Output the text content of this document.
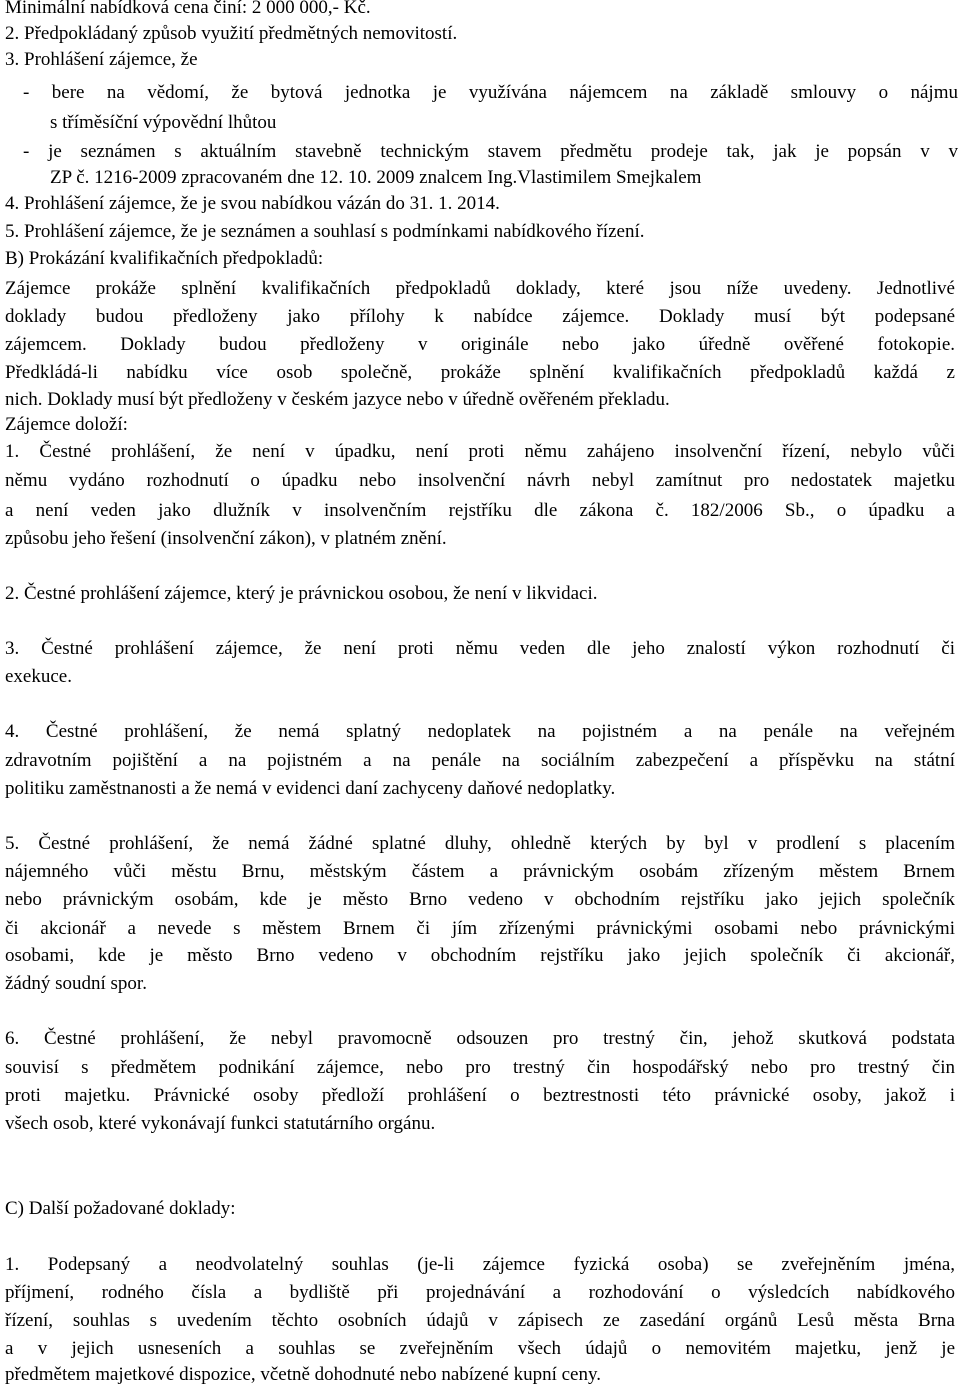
Minimální nabídková cena činí: 2 000 000,- Kč.
2. Předpokládaný způsob využití předmětných nemovitostí.
3. Prohlášení zájemce, že
- bere na vědomí, že bytová jednotka je využívána nájemcem na základě smlouvy o nájmu
s tříměsíční výpovědní lhůtou
- je seznámen s aktuálním stavebně technickým stavem předmětu prodeje tak, jak je popsán v v
ZP č. 1216-2009 zpracovaném dne 12. 10. 2009 znalcem Ing.Vlastimilem Smejkalem
4. Prohlášení zájemce, že je svou nabídkou vázán do 31. 1. 2014.
5. Prohlášení zájemce, že je seznámen a souhlasí s podmínkami nabídkového řízení.
B) Prokázání kvalifikačních předpokladů:
Zájemce prokáže splnění kvalifikačních předpokladů doklady, které jsou níže uvedeny. Jednotlivé
doklady budou předloženy jako přílohy k nabídce zájemce. Doklady musí být podepsané
zájemcem. Doklady budou předloženy v originále nebo jako úředně ověřené fotokopie.
Předkládá-li nabídku více osob společně, prokáže splnění kvalifikačních předpokladů každá z
nich. Doklady musí být předloženy v českém jazyce nebo v úředně ověřeném překladu.
Zájemce doloží:
1. Čestné prohlášení, že není v úpadku, není proti němu zahájeno insolvenční řízení, nebylo vůči
němu vydáno rozhodnutí o úpadku nebo insolvenční návrh nebyl zamítnut pro nedostatek majetku
a není veden jako dlužník v insolvenčním rejstříku dle zákona č. 182/2006 Sb., o úpadku a
způsobu jeho řešení (insolvenční zákon), v platném znění.
2. Čestné prohlášení zájemce, který je právnickou osobou, že není v likvidaci.
3. Čestné prohlášení zájemce, že není proti němu veden dle jeho znalostí výkon rozhodnutí či
exekuce.
4. Čestné prohlášení, že nemá splatný nedoplatek na pojistném a na penále na veřejném
zdravotním pojištění a na pojistném a na penále na sociálním zabezpečení a příspěvku na státní
politiku zaměstnanosti a že nemá v evidenci daní zachyceny daňové nedoplatky.
5. Čestné prohlášení, že nemá žádné splatné dluhy, ohledně kterých by byl v prodlení s placením
nájemného vůči městu Brnu, městským částem a právnickým osobám zřízeným městem Brnem
nebo právnickým osobám, kde je město Brno vedeno v obchodním rejstříku jako jejich společník
či akcionář a nevede s městem Brnem či jím zřízenými právnickými osobami nebo právnickými
osobami, kde je město Brno vedeno v obchodním rejstříku jako jejich společník či akcionář,
žádný soudní spor.
6. Čestné prohlášení, že nebyl pravomocně odsouzen pro trestný čin, jehož skutková podstata
souvisí s předmětem podnikání zájemce, nebo pro trestný čin hospodářský nebo pro trestný čin
proti majetku. Právnické osoby předloží prohlášení o beztrestnosti této právnické osoby, jakož i
všech osob, které vykonávají funkci statutárního orgánu.
C) Další požadované doklady:
1. Podepsaný a neodvolatelný souhlas (je-li zájemce fyzická osoba) se zveřejněním jména,
příjmení, rodného čísla a bydliště při projednávání a rozhodování o výsledcích nabídkového
řízení, souhlas s uvedením těchto osobních údajů v zápisech ze zasedání orgánů Lesů města Brna
a v jejich usneseních a souhlas se zveřejněním všech údajů o nemovitém majetku, jenž je
předmětem majetkové dispozice, včetně dohodnuté nebo nabízené kupní ceny.
